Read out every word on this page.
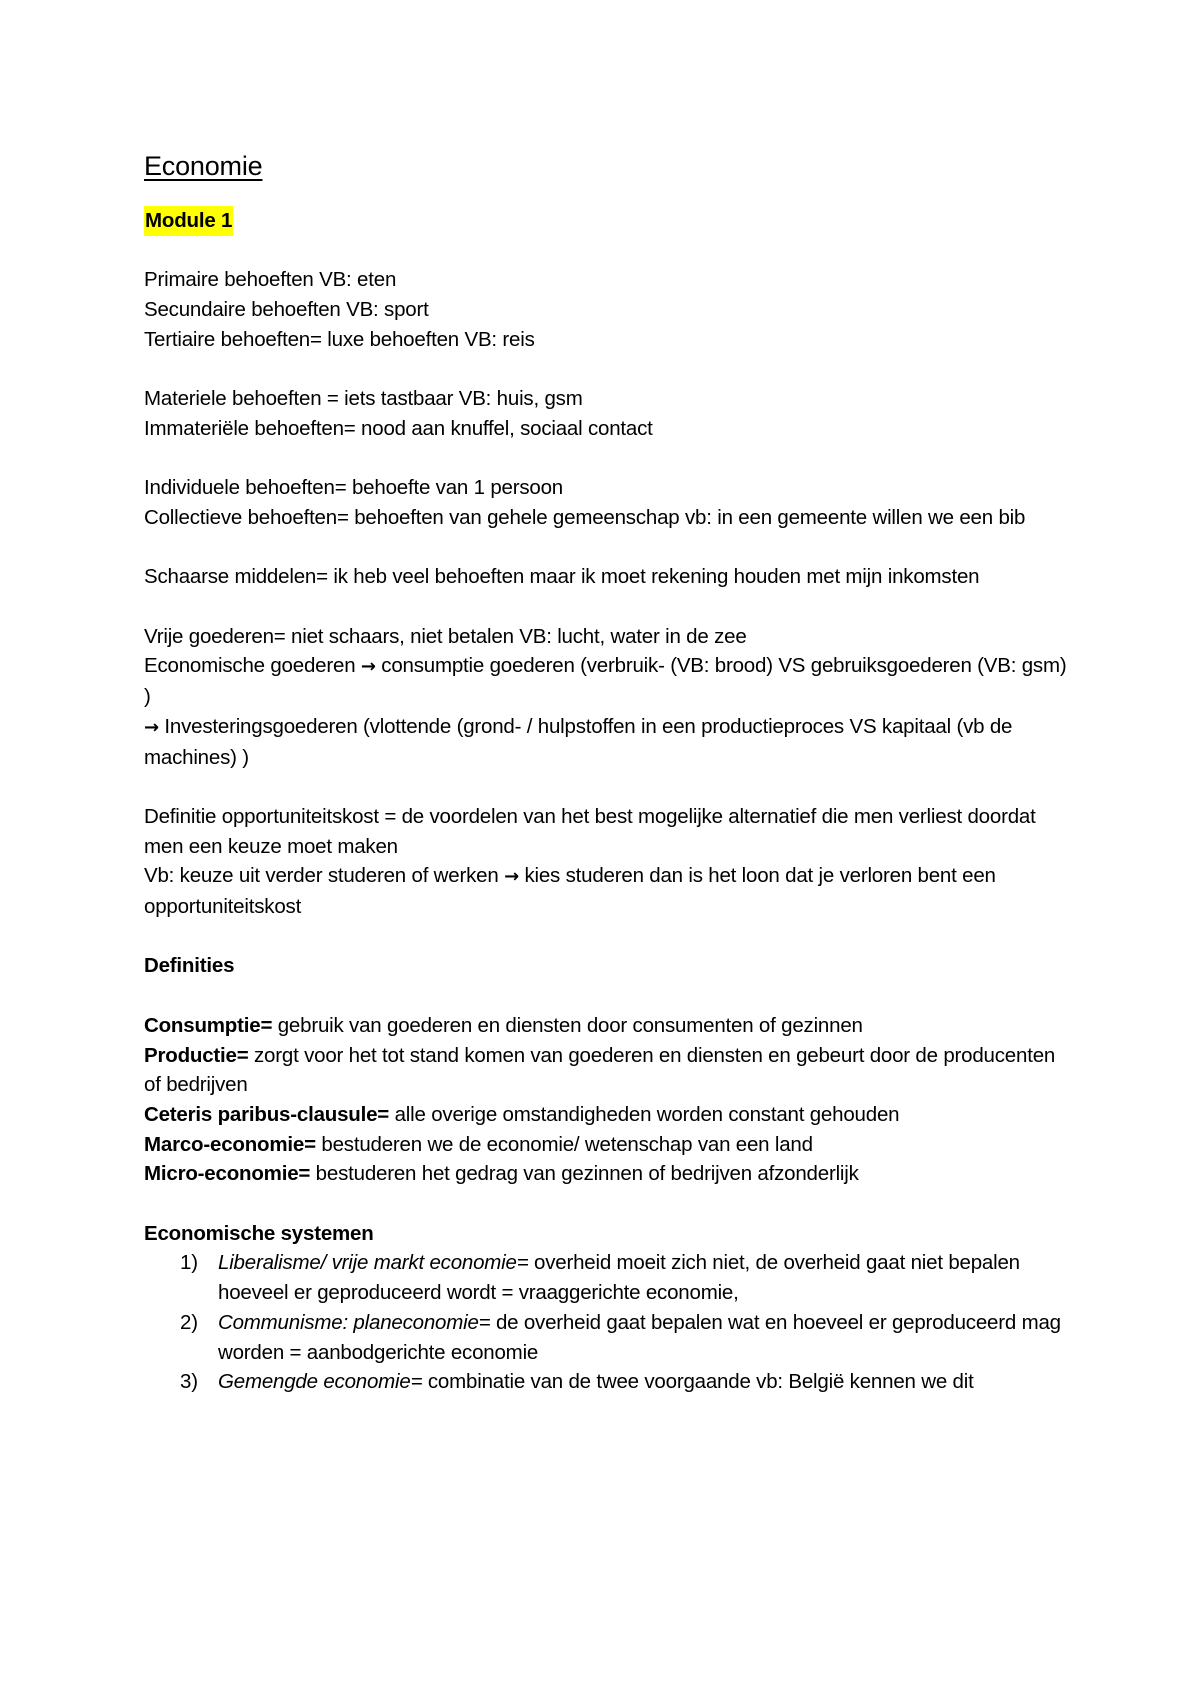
Economie
Module 1
Primaire behoeften VB: eten
Secundaire behoeften VB: sport
Tertiaire behoeften= luxe behoeften VB: reis
Materiele behoeften = iets tastbaar VB: huis, gsm
Immateriële behoeften= nood aan knuffel, sociaal contact
Individuele behoeften= behoefte van 1 persoon
Collectieve behoeften= behoeften van gehele gemeenschap vb: in een gemeente willen we een bib
Schaarse middelen= ik heb veel behoeften maar ik moet rekening houden met mijn inkomsten
Vrije goederen= niet schaars, niet betalen VB: lucht, water in de zee
Economische goederen → consumptie goederen (verbruik- (VB: brood) VS gebruiksgoederen (VB: gsm) )
→ Investeringsgoederen (vlottende (grond- / hulpstoffen in een productieproces VS kapitaal (vb de machines) )
Definitie opportuniteitskost = de voordelen van het best mogelijke alternatief die men verliest doordat men een keuze moet maken
Vb: keuze uit verder studeren of werken → kies studeren dan is het loon dat je verloren bent een opportuniteitskost
Definities
Consumptie= gebruik van goederen en diensten door consumenten of gezinnen
Productie= zorgt voor het tot stand komen van goederen en diensten en gebeurt door de producenten of bedrijven
Ceteris paribus-clausule= alle overige omstandigheden worden constant gehouden
Marco-economie= bestuderen we de economie/ wetenschap van een land
Micro-economie= bestuderen het gedrag van gezinnen of bedrijven afzonderlijk
Economische systemen
1) Liberalisme/ vrije markt economie= overheid moeit zich niet, de overheid gaat niet bepalen hoeveel er geproduceerd wordt = vraaggerichte economie,
2) Communisme: planeconomie= de overheid gaat bepalen wat en hoeveel er geproduceerd mag worden = aanbodgerichte economie
3) Gemengde economie= combinatie van de twee voorgaande vb: België kennen we dit
